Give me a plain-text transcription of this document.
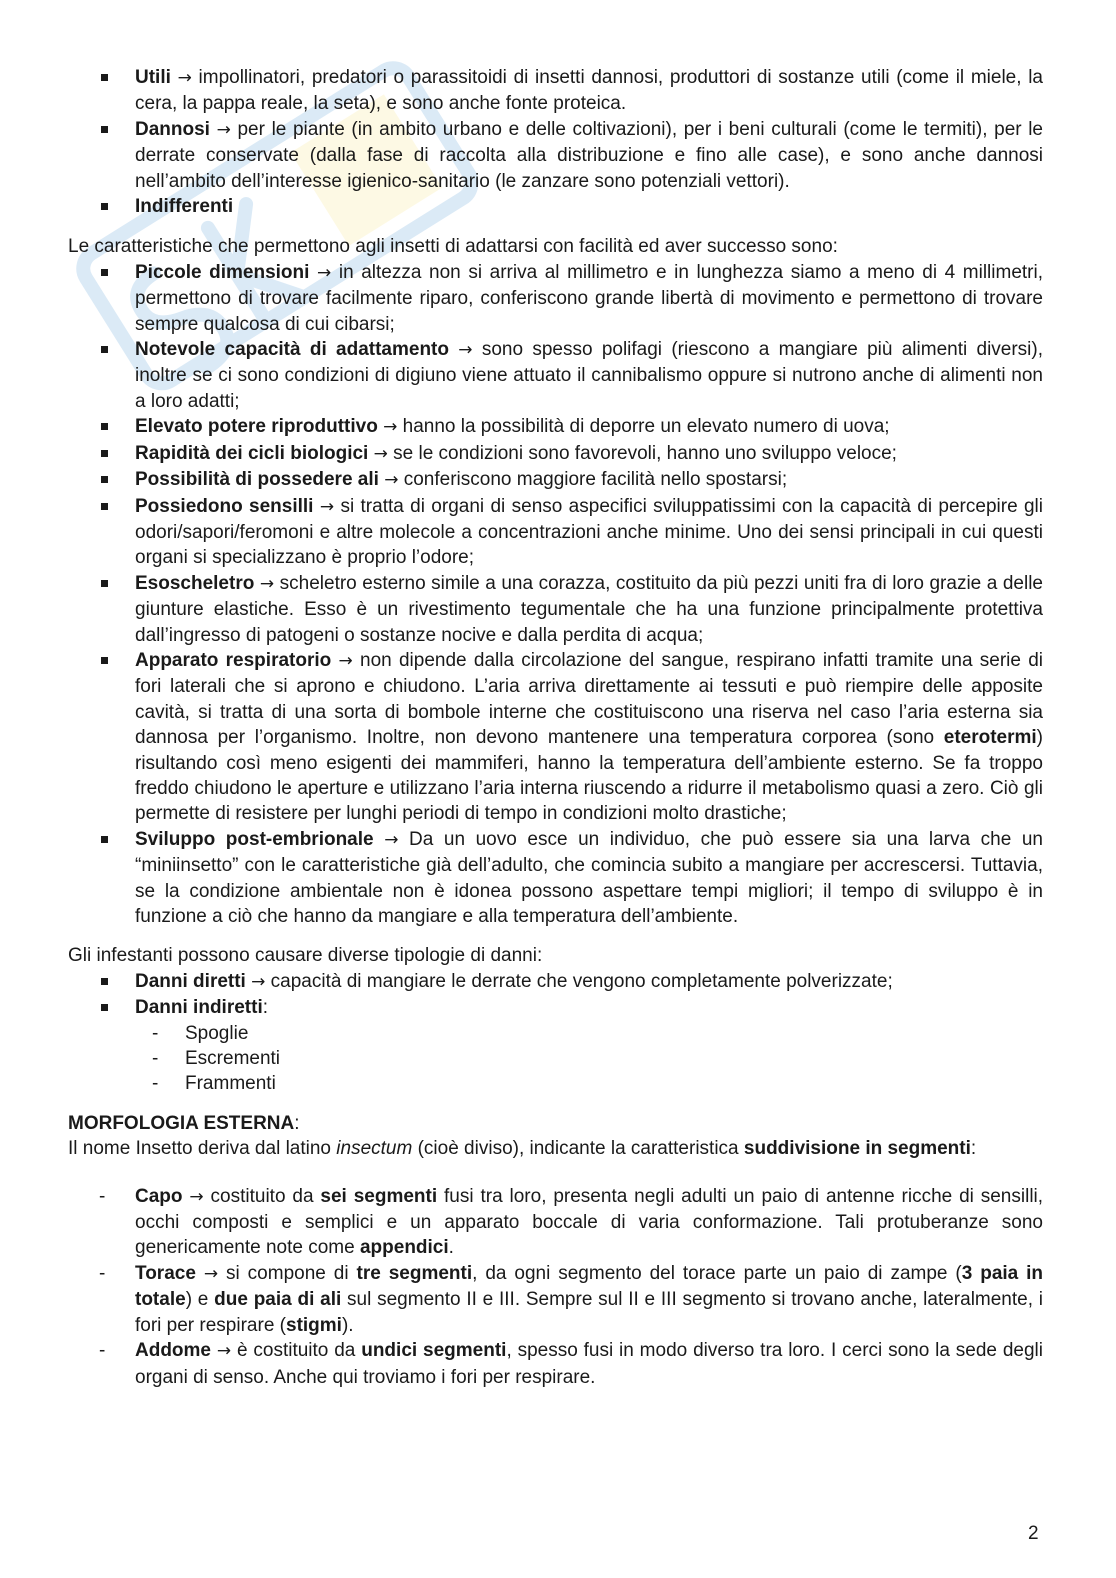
Utili → impollinatori, predatori o parassitoidi di insetti dannosi, produttori di sostanze utili (come il miele, la cera, la pappa reale, la seta), e sono anche fonte proteica.
Dannosi → per le piante (in ambito urbano e delle coltivazioni), per i beni culturali (come le termiti), per le derrate conservate (dalla fase di raccolta alla distribuzione e fino alle case), e sono anche dannosi nell’ambito dell’interesse igienico-sanitario (le zanzare sono potenziali vettori).
Indifferenti

Le caratteristiche che permettono agli insetti di adattarsi con facilità ed aver successo sono:

Piccole dimensioni → in altezza non si arriva al millimetro e in lunghezza siamo a meno di 4 millimetri, permettono di trovare facilmente riparo, conferiscono grande libertà di movimento e permettono di trovare sempre qualcosa di cui cibarsi;
Notevole capacità di adattamento → sono spesso polifagi (riescono a mangiare più alimenti diversi), inoltre se ci sono condizioni di digiuno viene attuato il cannibalismo oppure si nutrono anche di alimenti non a loro adatti;
Elevato potere riproduttivo → hanno la possibilità di deporre un elevato numero di uova;
Rapidità dei cicli biologici → se le condizioni sono favorevoli, hanno uno sviluppo veloce;
Possibilità di possedere ali → conferiscono maggiore facilità nello spostarsi;
Possiedono sensilli → si tratta di organi di senso aspecifici sviluppatissimi con la capacità di percepire gli odori/sapori/feromoni e altre molecole a concentrazioni anche minime. Uno dei sensi principali in cui questi organi si specializzano è proprio l’odore;
Esoscheletro → scheletro esterno simile a una corazza, costituito da più pezzi uniti fra di loro grazie a delle giunture elastiche. Esso è un rivestimento tegumentale che ha una funzione principalmente protettiva dall’ingresso di patogeni o sostanze nocive e dalla perdita di acqua;
Apparato respiratorio → non dipende dalla circolazione del sangue, respirano infatti tramite una serie di fori laterali che si aprono e chiudono. L’aria arriva direttamente ai tessuti e può riempire delle apposite cavità, si tratta di una sorta di bombole interne che costituiscono una riserva nel caso l’aria esterna sia dannosa per l’organismo. Inoltre, non devono mantenere una temperatura corporea (sono eterotermi) risultando così meno esigenti dei mammiferi, hanno la temperatura dell’ambiente esterno. Se fa troppo freddo chiudono le aperture e utilizzano l’aria interna riuscendo a ridurre il metabolismo quasi a zero. Ciò gli permette di resistere per lunghi periodi di tempo in condizioni molto drastiche;
Sviluppo post-embrionale → Da un uovo esce un individuo, che può essere sia una larva che un “miniinsetto” con le caratteristiche già dell’adulto, che comincia subito a mangiare per accrescersi. Tuttavia, se la condizione ambientale non è idonea possono aspettare tempi migliori; il tempo di sviluppo è in funzione a ciò che hanno da mangiare e alla temperatura dell’ambiente.

Gli infestanti possono causare diverse tipologie di danni:

Danni diretti → capacità di mangiare le derrate che vengono completamente polverizzate;
Danni indiretti:
- Spoglie
- Escrementi
- Frammenti

MORFOLOGIA ESTERNA:

Il nome Insetto deriva dal latino insectum (cioè diviso), indicante la caratteristica suddivisione in segmenti:

- Capo → costituito da sei segmenti fusi tra loro, presenta negli adulti un paio di antenne ricche di sensilli, occhi composti e semplici e un apparato boccale di varia conformazione. Tali protuberanze sono genericamente note come appendici.
- Torace → si compone di tre segmenti, da ogni segmento del torace parte un paio di zampe (3 paia in totale) e due paia di ali sul segmento II e III. Sempre sul II e III segmento si trovano anche, lateralmente, i fori per respirare (stigmi).
- Addome → è costituito da undici segmenti, spesso fusi in modo diverso tra loro. I cerci sono la sede degli organi di senso. Anche qui troviamo i fori per respirare.
2
